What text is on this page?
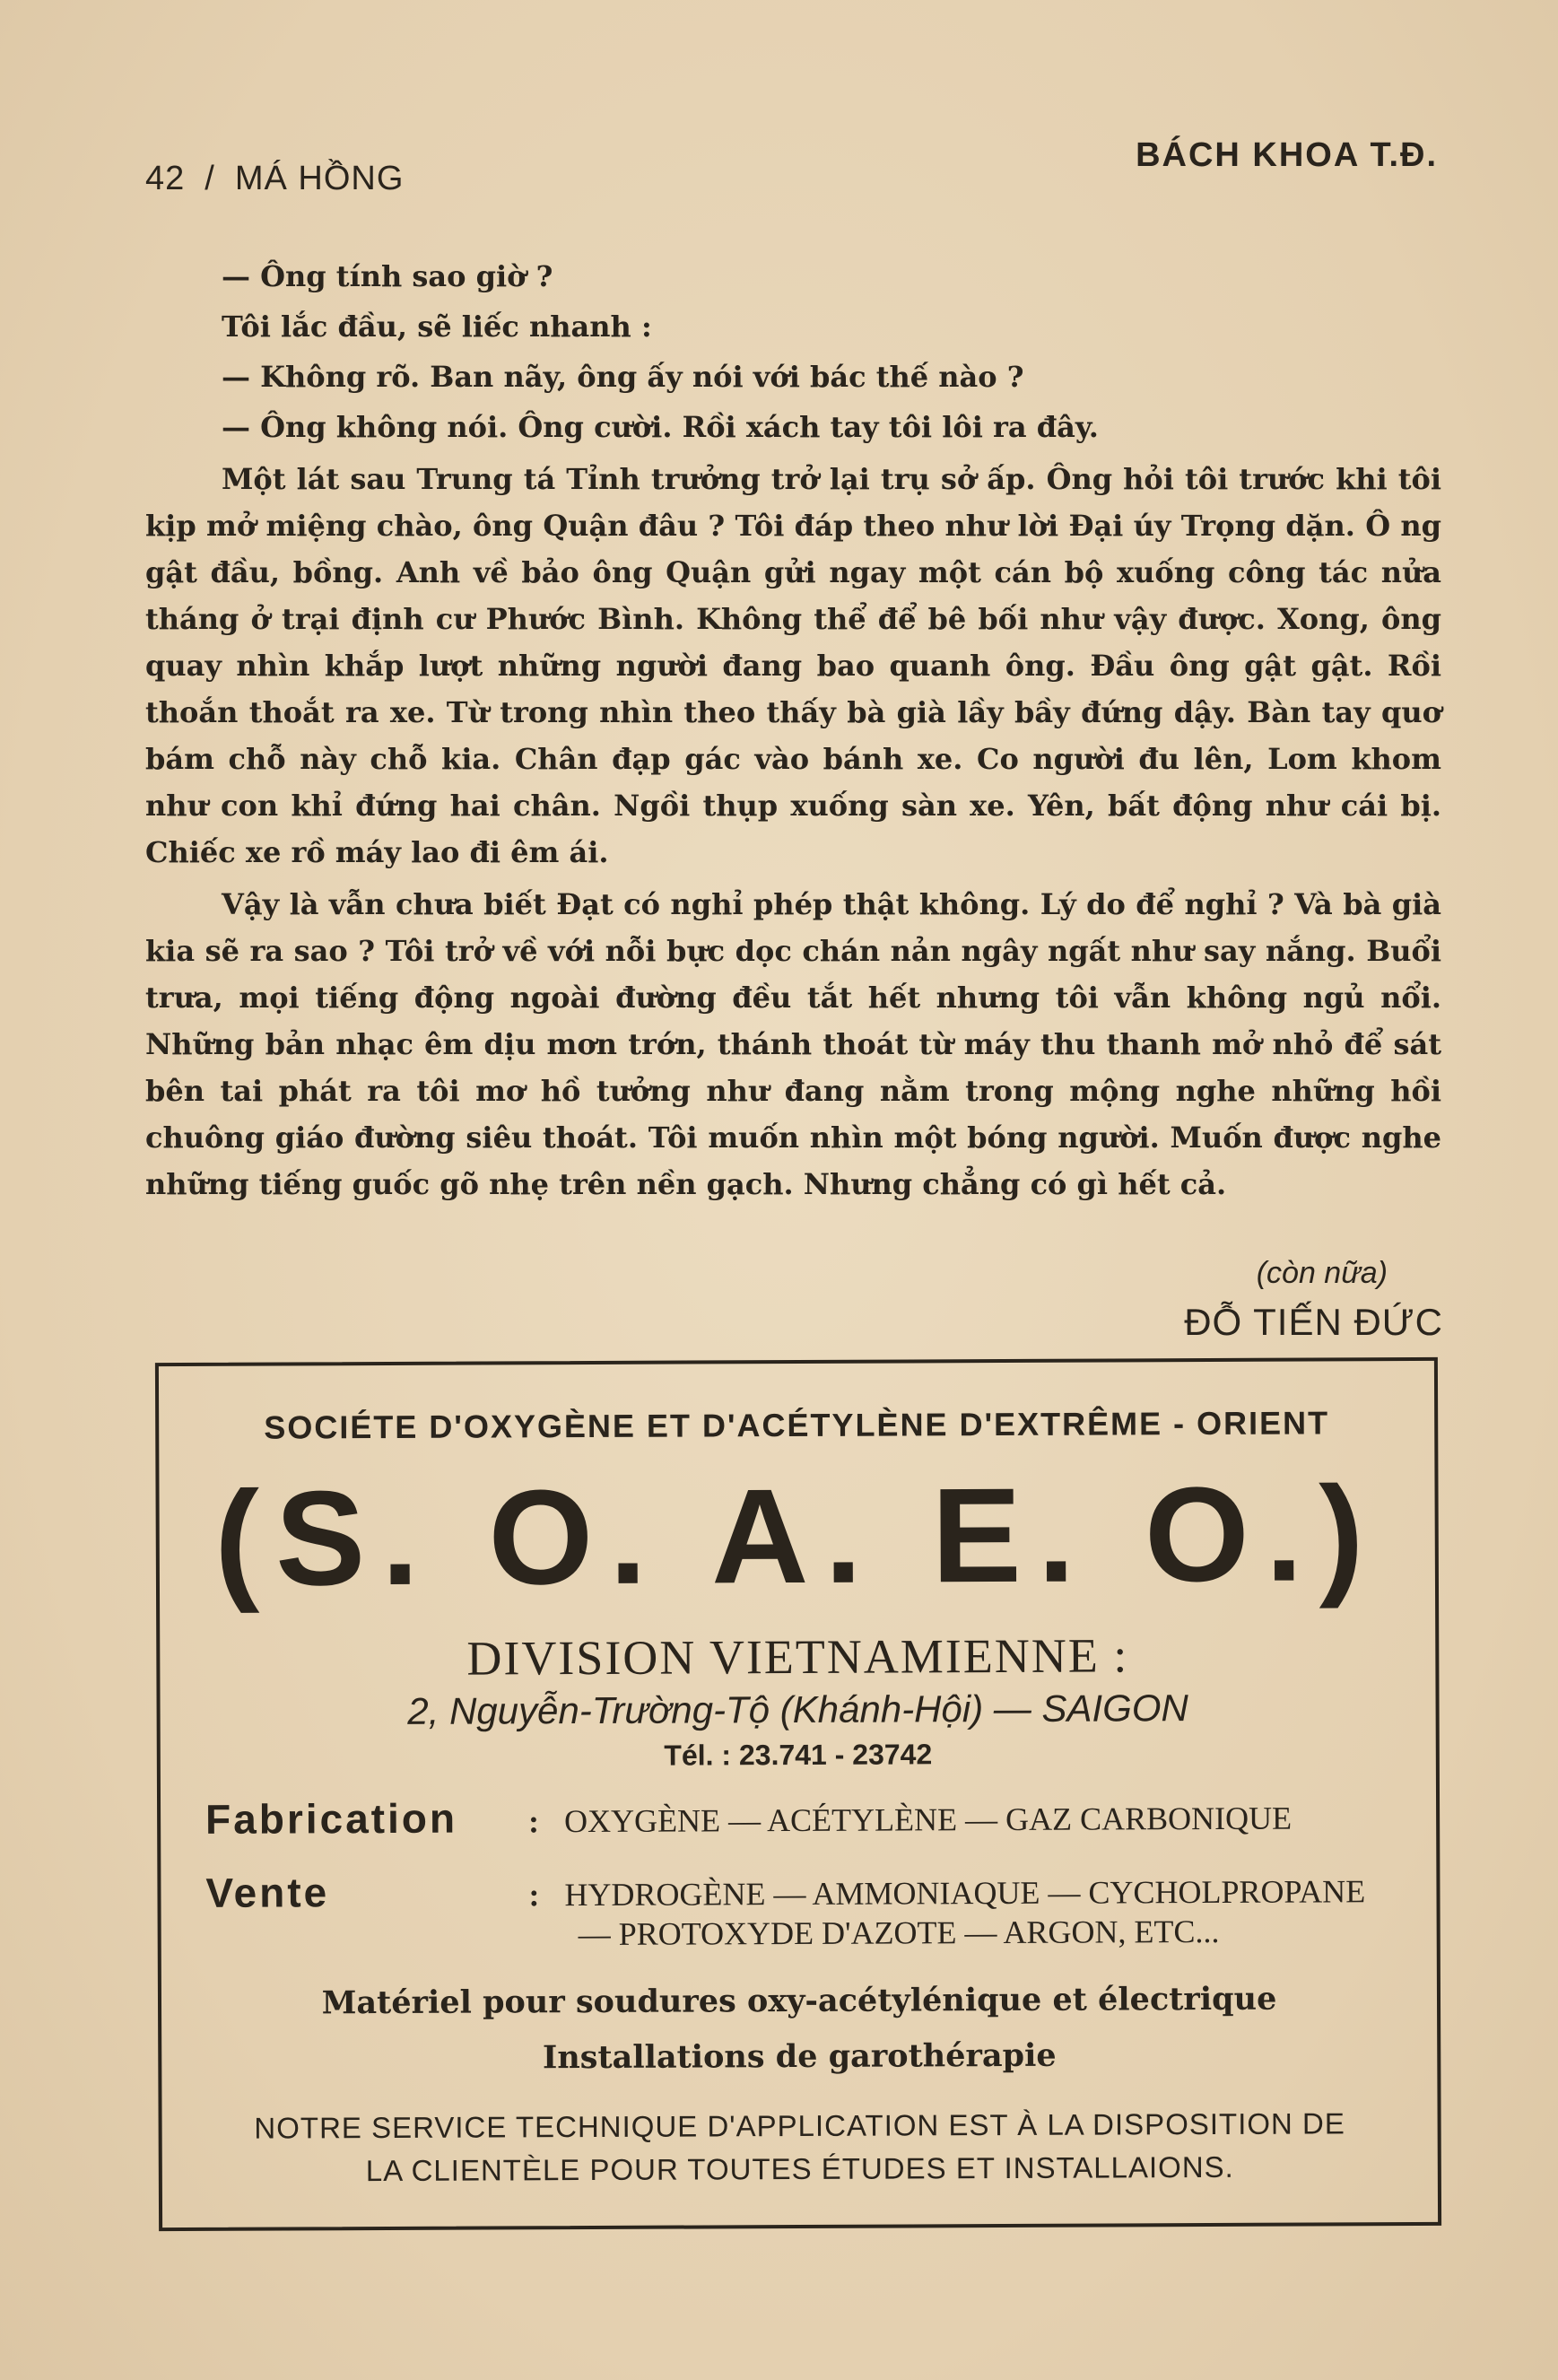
42 / MÁ HỒNG
BÁCH KHOA T.Đ.

— Ông tính sao giờ ?

Tôi lắc đầu, sẽ liếc nhanh :

— Không rõ. Ban nãy, ông ấy nói với bác thế nào ?

— Ông không nói. Ông cười. Rồi xách tay tôi lôi ra đây.

Một lát sau Trung tá Tỉnh trưởng trở lại trụ sở ấp. Ông hỏi tôi trước khi tôi kịp mở miệng chào, ông Quận đâu ? Tôi đáp theo như lời Đại úy Trọng dặn. Ô ng gật đầu, bồng. Anh về bảo ông Quận gửi ngay một cán bộ xuống công tác nửa tháng ở trại định cư Phước Bình. Không thể để bê bối như vậy được. Xong, ông quay nhìn khắp lượt những người đang bao quanh ông. Đầu ông gật gật. Rồi thoắn thoắt ra xe. Từ trong nhìn theo thấy bà già lầy bầy đứng dậy. Bàn tay quơ bám chỗ này chỗ kia. Chân đạp gác vào bánh xe. Co người đu lên, Lom khom như con khỉ đứng hai chân. Ngồi thụp xuống sàn xe. Yên, bất động như cái bị. Chiếc xe rồ máy lao đi êm ái.

Vậy là vẫn chưa biết Đạt có nghỉ phép thật không. Lý do để nghỉ ? Và bà già kia sẽ ra sao ? Tôi trở về với nỗi bực dọc chán nản ngây ngất như say nắng. Buổi trưa, mọi tiếng động ngoài đường đều tắt hết nhưng tôi vẫn không ngủ nổi. Những bản nhạc êm dịu mơn trớn, thánh thoát từ máy thu thanh mở nhỏ để sát bên tai phát ra tôi mơ hồ tưởng như đang nằm trong mộng nghe những hồi chuông giáo đường siêu thoát. Tôi muốn nhìn một bóng người. Muốn được nghe những tiếng guốc gõ nhẹ trên nền gạch. Nhưng chẳng có gì hết cả.

(còn nữa)
ĐỖ TIẾN ĐỨC
SOCIÉTE D'OXYGÈNE ET D'ACÉTYLÈNE D'EXTRÊME - ORIENT
(S. O. A. E. O.)
DIVISION VIETNAMIENNE :
2, Nguyễn-Trường-Tộ (Khánh-Hội) — SAIGON
Tél. : 23.741 - 23742
Fabrication : OXYGÈNE — ACÉTYLÈNE — GAZ CARBONIQUE
Vente	: HYDROGÈNE — AMMONIAQUE — CYCHOLPROPANE
— PROTOXYDE D'AZOTE — ARGON, ETC...
Matériel pour soudures oxy-acétylénique et électrique
Installations de garothérapie
NOTRE SERVICE TECHNIQUE D'APPLICATION EST À LA DISPOSITION DE
LA CLIENTÈLE POUR TOUTES ÉTUDES ET INSTALLAIONS.
